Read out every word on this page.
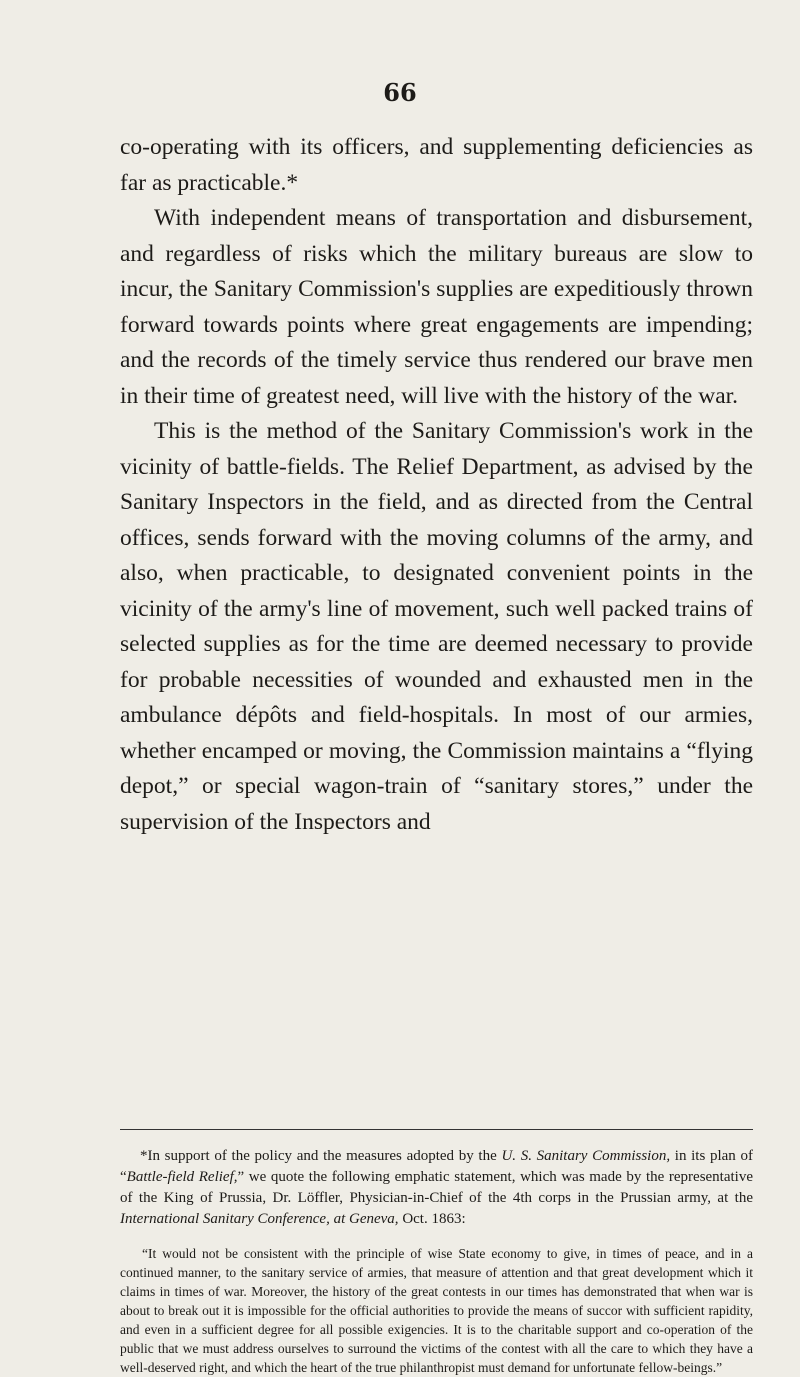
66

co-operating with its officers, and supplementing deficiencies as far as practicable.*

With independent means of transportation and disbursement, and regardless of risks which the military bureaus are slow to incur, the Sanitary Commission's supplies are expeditiously thrown forward towards points where great engagements are impending; and the records of the timely service thus rendered our brave men in their time of greatest need, will live with the history of the war.

This is the method of the Sanitary Commission's work in the vicinity of battle-fields. The Relief Department, as advised by the Sanitary Inspectors in the field, and as directed from the Central offices, sends forward with the moving columns of the army, and also, when practicable, to designated convenient points in the vicinity of the army's line of movement, such well packed trains of selected supplies as for the time are deemed necessary to provide for probable necessities of wounded and exhausted men in the ambulance dépôts and field-hospitals. In most of our armies, whether encamped or moving, the Commission maintains a “flying depot,” or special wagon-train of “sanitary stores,” under the supervision of the Inspectors and

*In support of the policy and the measures adopted by the U. S. Sanitary Commission, in its plan of “Battle-field Relief,” we quote the following emphatic statement, which was made by the representative of the King of Prussia, Dr. Löffler, Physician-in-Chief of the 4th corps in the Prussian army, at the International Sanitary Conference, at Geneva, Oct. 1863:

“It would not be consistent with the principle of wise State economy to give, in times of peace, and in a continued manner, to the sanitary service of armies, that measure of attention and that great development which it claims in times of war. Moreover, the history of the great contests in our times has demonstrated that when war is about to break out it is impossible for the official authorities to provide the means of succor with sufficient rapidity, and even in a sufficient degree for all possible exigencies. It is to the charitable support and co-operation of the public that we must address ourselves to surround the victims of the contest with all the care to which they have a well-deserved right, and which the heart of the true philanthropist must demand for unfortunate fellow-beings.”
